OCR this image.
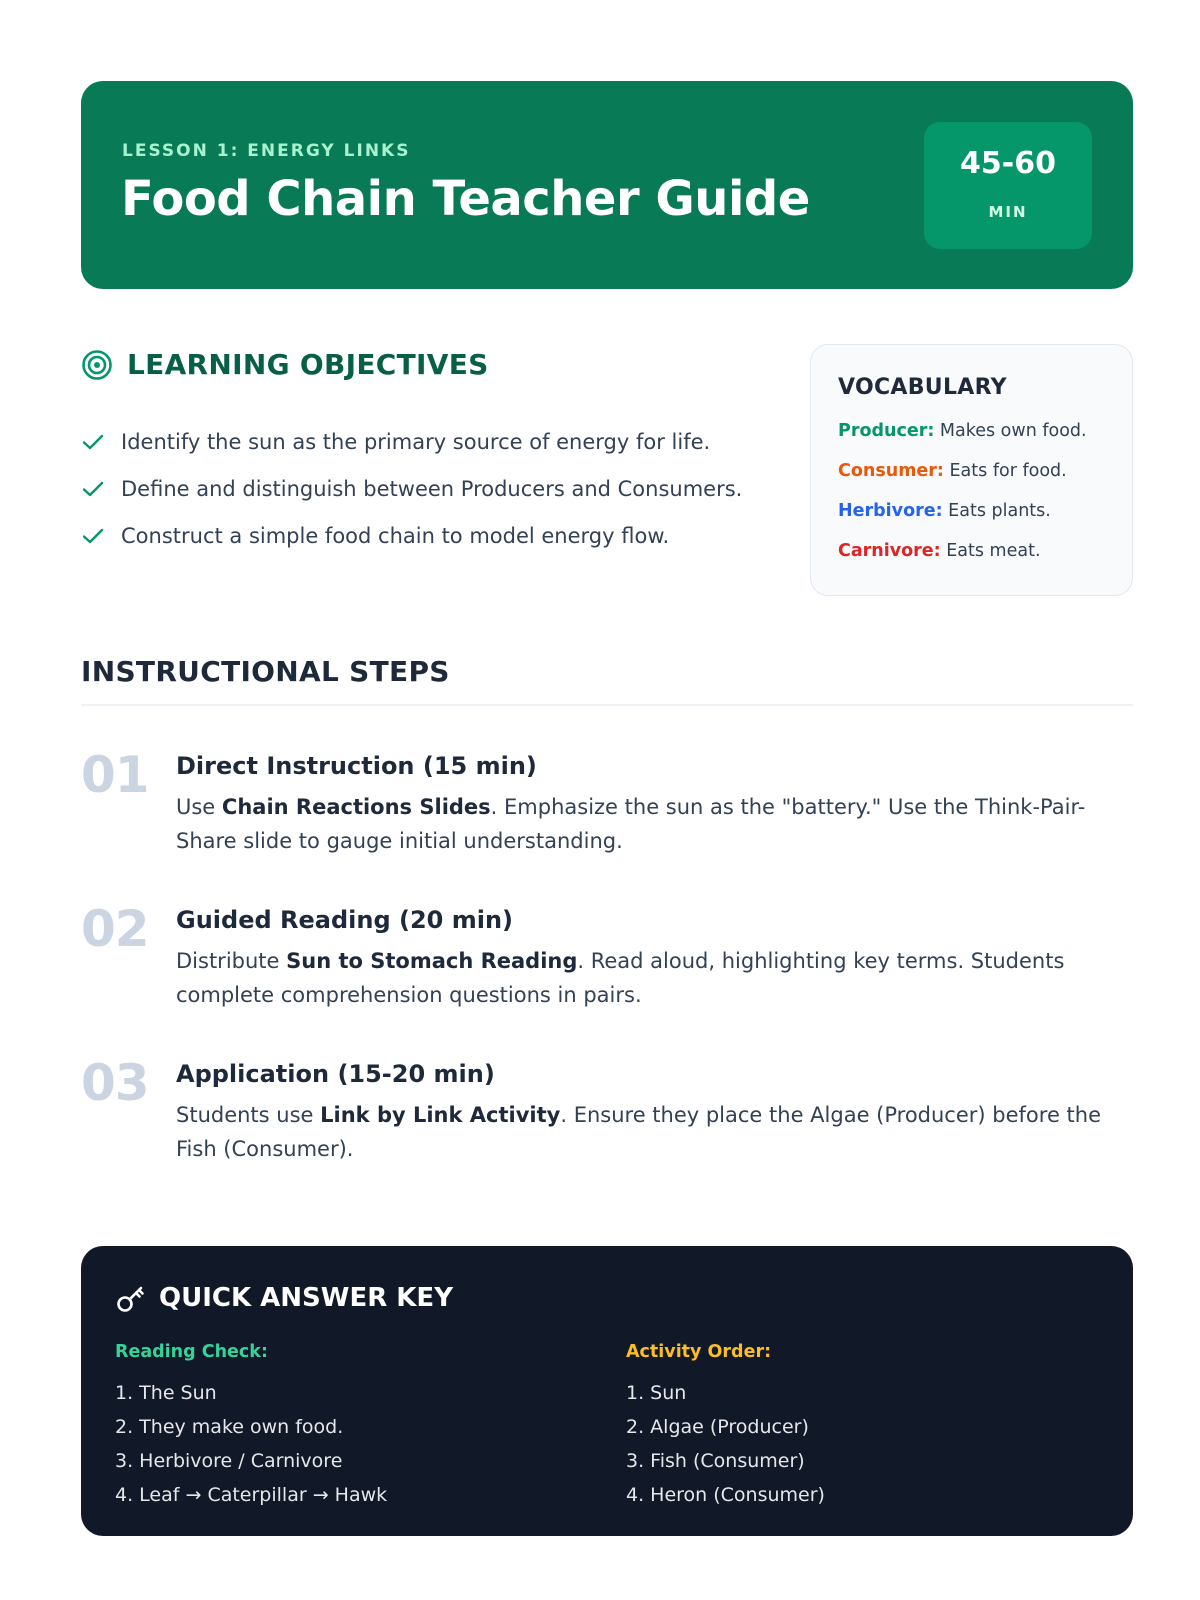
LESSON 1: ENERGY LINKS
Food Chain Teacher Guide
45-60
MIN
LEARNING OBJECTIVES
Identify the sun as the primary source of energy for life.
Define and distinguish between Producers and Consumers.
Construct a simple food chain to model energy flow.
VOCABULARY
Producer: Makes own food.
Consumer: Eats for food.
Herbivore: Eats plants.
Carnivore: Eats meat.
INSTRUCTIONAL STEPS
01 Direct Instruction (15 min)
Use Chain Reactions Slides. Emphasize the sun as the "battery." Use the Think-Pair-Share slide to gauge initial understanding.
02 Guided Reading (20 min)
Distribute Sun to Stomach Reading. Read aloud, highlighting key terms. Students complete comprehension questions in pairs.
03 Application (15-20 min)
Students use Link by Link Activity. Ensure they place the Algae (Producer) before the Fish (Consumer).
QUICK ANSWER KEY
Reading Check:
1. The Sun
2. They make own food.
3. Herbivore / Carnivore
4. Leaf → Caterpillar → Hawk
Activity Order:
1. Sun
2. Algae (Producer)
3. Fish (Consumer)
4. Heron (Consumer)
